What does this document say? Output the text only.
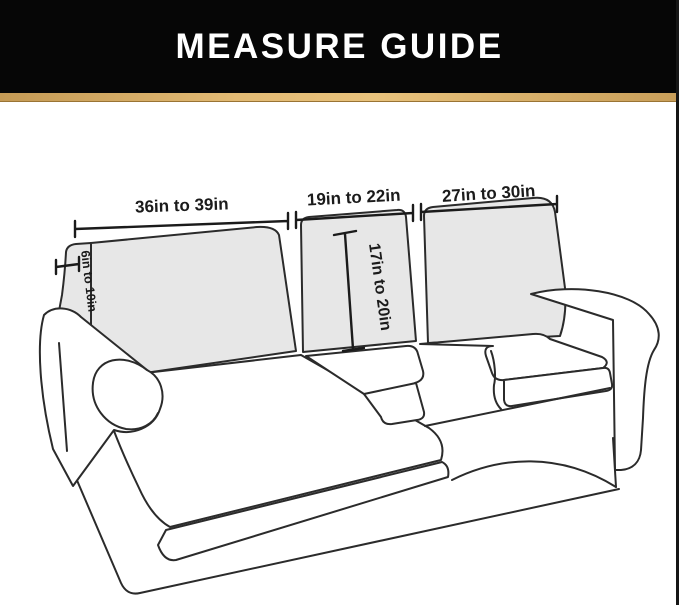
MEASURE GUIDE
36in to 39in	19in to 22in 27in to 30in
17in to 20in
6in to 10in
